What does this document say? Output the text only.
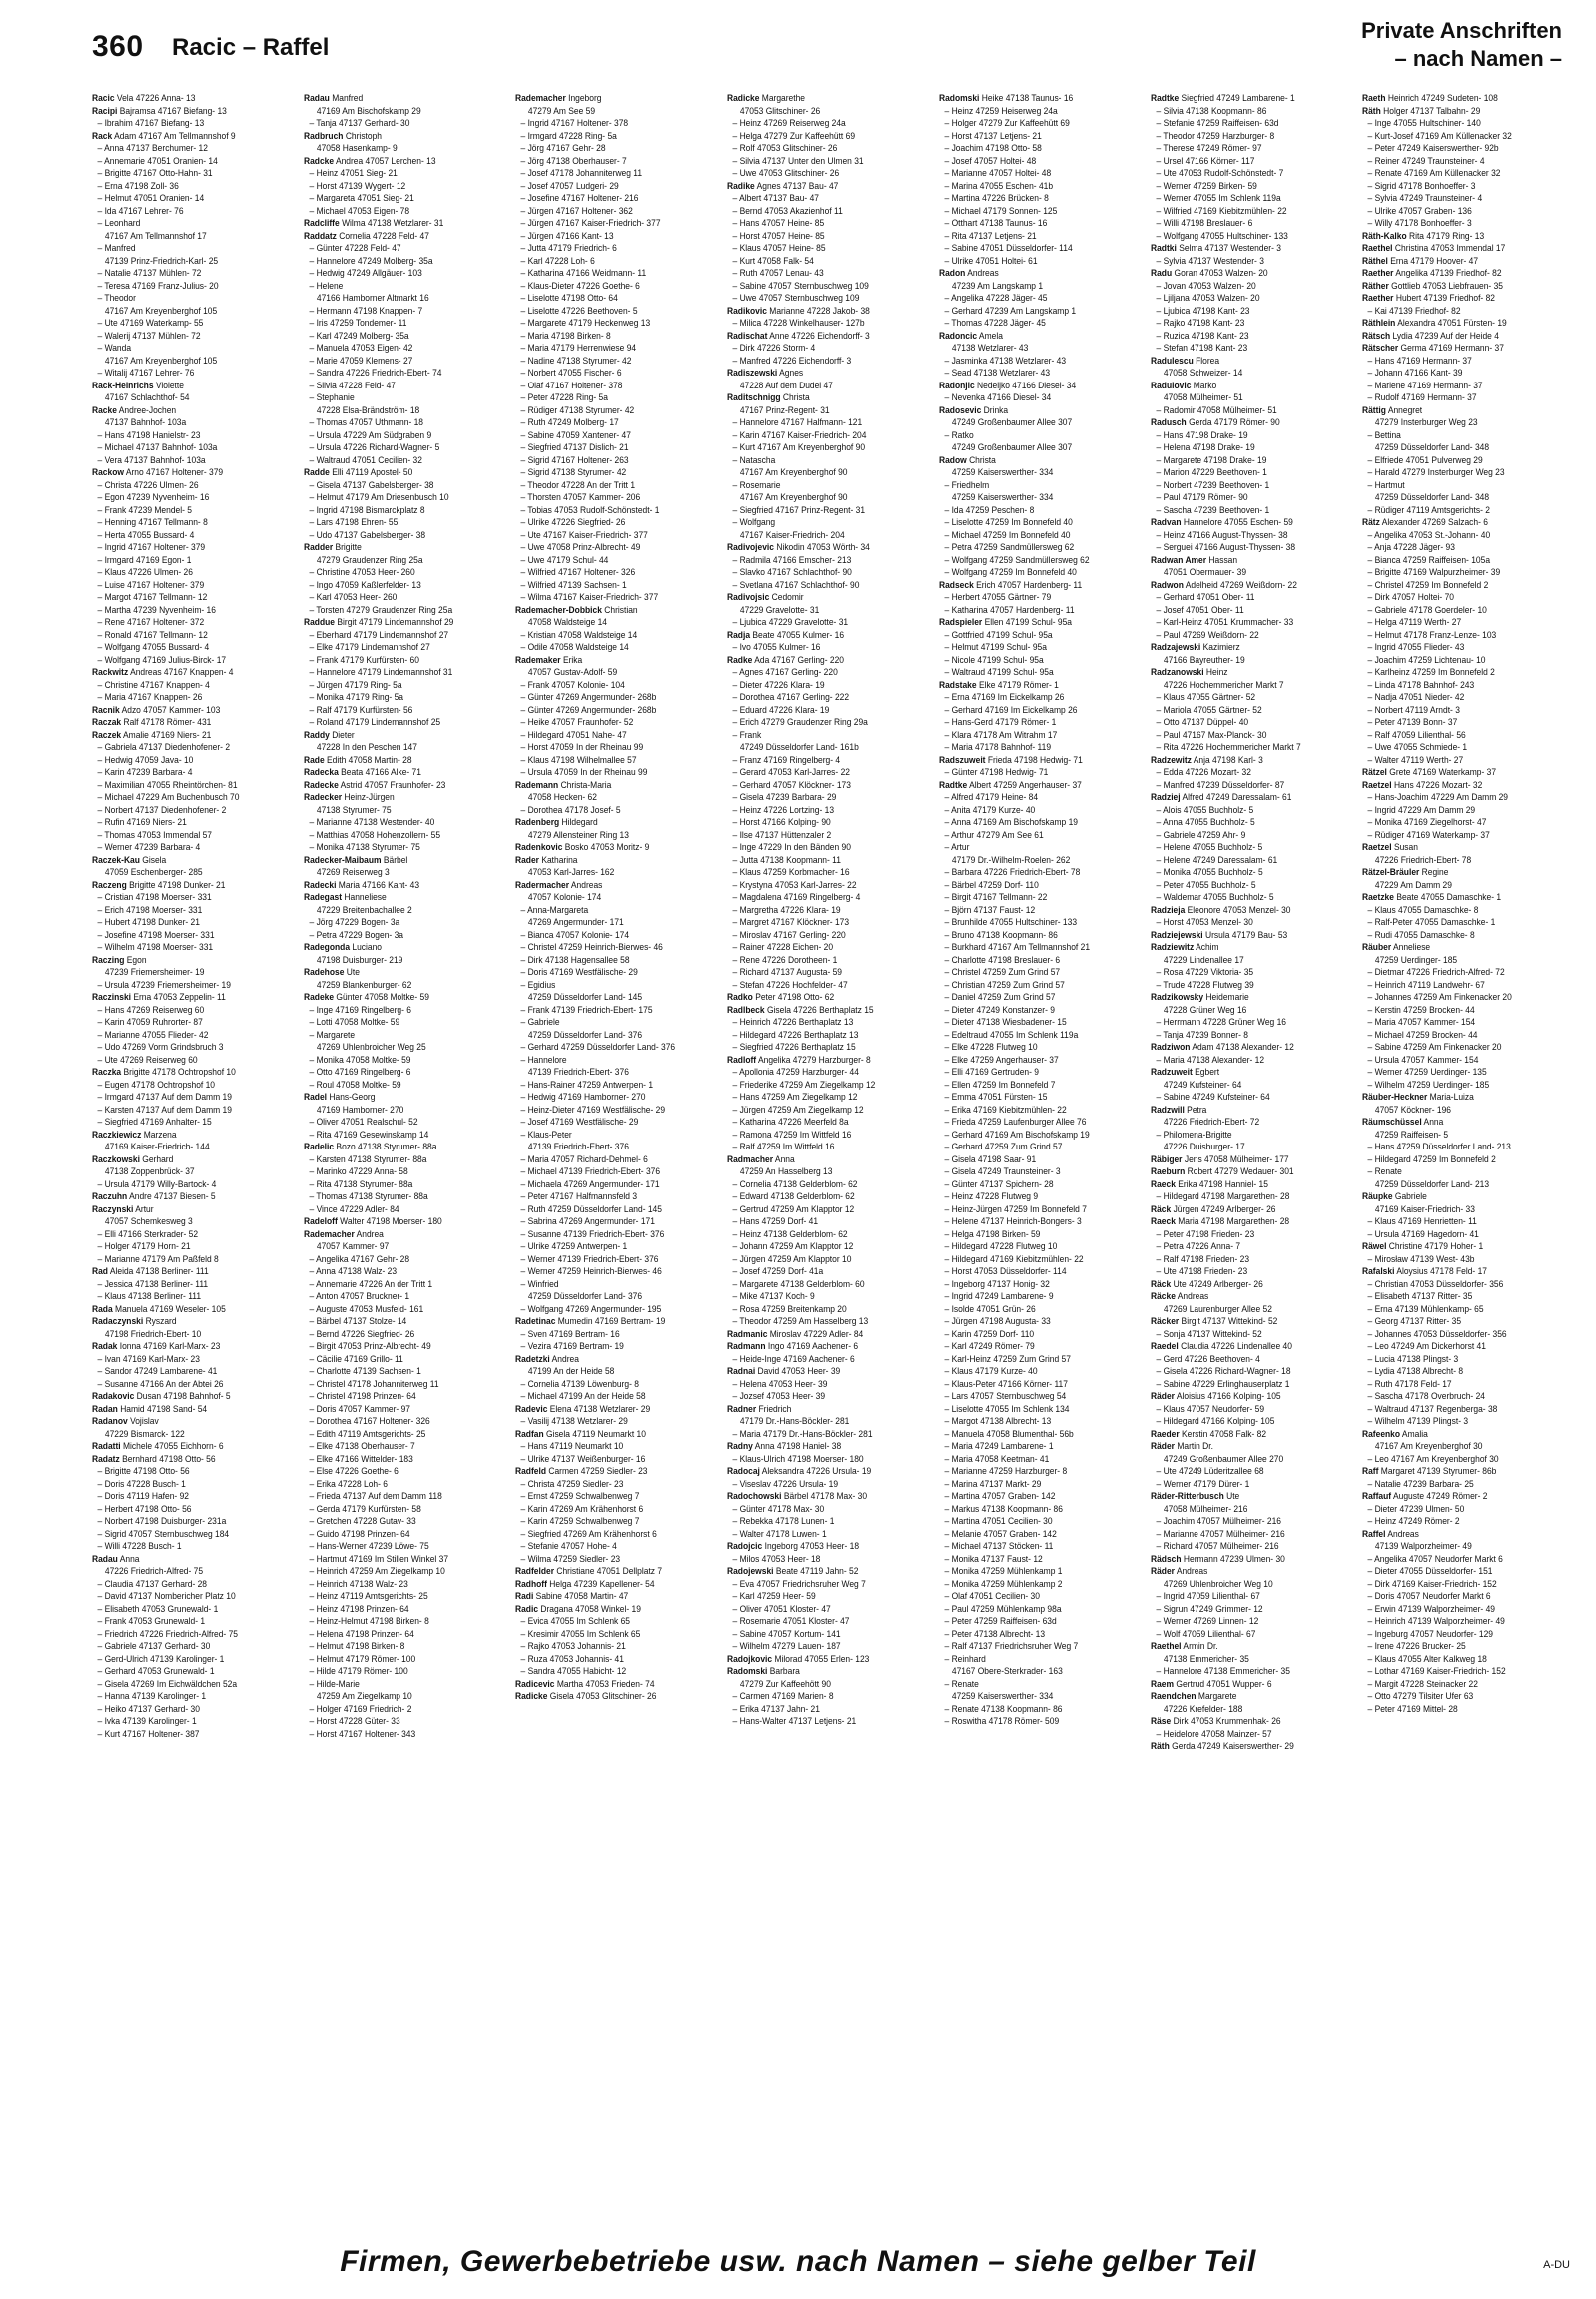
360 Racic – Raffel
Private Anschriften
– nach Namen –
Racic Vela 47226 Anna- 13
Racipi Bajramsa 47167 Biefang- 13
– Ibrahim 47167 Biefang- 13
Rack Adam 47167 Am Tellmannshof 9
– Anna 47137 Berchumer- 12
– Annemarie 47051 Oranien- 14
– Brigitte 47167 Otto-Hahn- 31
– Erna 47198 Zoll- 36
– Helmut 47051 Oranien- 14
– Ida 47167 Lehrer- 76
– Leonhard
47167 Am Tellmannshof 17
– Manfred
47139 Prinz-Friedrich-Karl- 25
– Natalie 47137 Mühlen- 72
– Teresa 47169 Franz-Julius- 20
– Theodor
47167 Am Kreyenberghof 105
– Ute 47169 Waterkamp- 55
– Walerij 47137 Mühlen- 72
– Wanda
47167 Am Kreyenberghof 105
– Witalij 47167 Lehrer- 76
Rack-Heinrichs Violette
47167 Schlachthof- 54
Racke Andree-Jochen
47137 Bahnhof- 103a
– Hans 47198 Hanielstr- 23
– Michael 47137 Bahnhof- 103a
– Vera 47137 Bahnhof- 103a
Rackow Arno 47167 Holtener- 379
– Christa 47226 Ulmen- 26
– Egon 47239 Nyvenheim- 16
– Frank 47239 Mendel- 5
– Henning 47167 Tellmann- 8
– Herta 47055 Bussard- 4
– Ingrid 47167 Holtener- 379
– Irmgard 47169 Egon- 1
– Klaus 47226 Ulmen- 26
– Luise 47167 Holtener- 379
– Margot 47167 Tellmann- 12
– Martha 47239 Nyvenheim- 16
– Rene 47167 Holtener- 372
– Ronald 47167 Tellmann- 12
– Wolfgang 47055 Bussard- 4
– Wolfgang 47169 Julius-Birck- 17
Rackwitz Andreas 47167 Knappen- 4
– Christine 47167 Knappen- 4
– Maria 47167 Knappen- 26
Racnik Adzo 47057 Kammer- 103
Raczak Ralf 47178 Römer- 431
Raczek Amalie 47169 Niers- 21
– Gabriela 47137 Diedenhofener- 2
– Hedwig 47059 Java- 10
– Karin 47239 Barbara- 4
– Maximilian 47055 Rheintörchen- 81
– Michael 47229 Am Buchenbusch 70
– Norbert 47137 Diedenhofener- 2
– Rufin 47169 Niers- 21
– Thomas 47053 Immendal 57
– Werner 47239 Barbara- 4
Raczek-Kau Gisela
47059 Eschenberger- 285
Raczeng Brigitte 47198 Dunker- 21
– Cristian 47198 Moerser- 331
– Erich 47198 Moerser- 331
– Hubert 47198 Dunker- 21
– Josefine 47198 Moerser- 331
– Wilhelm 47198 Moerser- 331
Raczing Egon
47239 Friemersheimer- 19
– Ursula 47239 Friemersheimer- 19
Raczinski Erna 47053 Zeppelin- 11
– Hans 47269 Reiserweg 60
– Karin 47059 Ruhrorter- 87
– Marianne 47055 Flieder- 42
– Udo 47269 Vorm Grindsbruch 3
– Ute 47269 Reiserweg 60
Raczka Brigitte 47178 Ochtropshof 10
– Eugen 47178 Ochtropshof 10
– Irmgard 47137 Auf dem Damm 19
– Karsten 47137 Auf dem Damm 19
– Siegfried 47169 Anhalter- 15
Raczkiewicz Marzena
47169 Kaiser-Friedrich- 144
Raczkowski Gerhard
47138 Zoppenbrück- 37
– Ursula 47179 Willy-Bartock- 4
Raczuhn Andre 47137 Biesen- 5
Raczynski Artur
47057 Schemkesweg 3
– Elli 47166 Sterkrader- 52
– Holger 47179 Horn- 21
– Marianne 47179 Am Paßfeld 8
Rad Aleida 47138 Berliner- 111
– Jessica 47138 Berliner- 111
– Klaus 47138 Berliner- 111
Rada Manuela 47169 Weseler- 105
Radaczynski Ryszard
47198 Friedrich-Ebert- 10
Radak Ionna 47169 Karl-Marx- 23
– Ivan 47169 Karl-Marx- 23
– Sandor 47249 Lambarene- 41
– Susanne 47166 An der Abtei 26
Radakovic Dusan 47198 Bahnhof- 5
Radan Hamid 47198 Sand- 54
Radanov Vojislav
47229 Bismarck- 122
Radatti Michele 47055 Eichhorn- 6
Radatz Bernhard 47198 Otto- 56
– Brigitte 47198 Otto- 56
– Doris 47228 Busch- 1
– Doris 47119 Hafen- 92
– Herbert 47198 Otto- 56
– Norbert 47198 Duisburger- 231a
– Sigrid 47057 Sternbuschweg 184
– Willi 47228 Busch- 1
Radau Anna
47226 Friedrich-Alfred- 75
– Claudia 47137 Gerhard- 28
– David 47137 Nombericher Platz 10
– Elisabeth 47053 Grunewald- 1
– Frank 47053 Grunewald- 1
– Friedrich 47226 Friedrich-Alfred- 75
– Gabriele 47137 Gerhard- 30
– Gerd-Ulrich 47139 Karolinger- 1
– Gerhard 47053 Grunewald- 1
– Gisela 47269 Im Eichwäldchen 52a
– Hanna 47139 Karolinger- 1
– Heiko 47137 Gerhard- 30
– Ivka 47139 Karolinger- 1
– Kurt 47167 Holtener- 387
Radau Manfred
47169 Am Bischofskamp 29
– Tanja 47137 Gerhard- 30
Radbruch Christoph
47058 Hasenkamp- 9
Radcke Andrea 47057 Lerchen- 13
– Heinz 47051 Sieg- 21
– Horst 47139 Wygert- 12
– Margareta 47051 Sieg- 21
– Michael 47053 Eigen- 78
Radcliffe Wilma 47138 Wetzlarer- 31
Raddatz Cornelia 47228 Feld- 47
– Günter 47228 Feld- 47
– Hannelore 47249 Molberg- 35a
– Hedwig 47249 Allgäuer- 103
– Helene
47166 Hamborner Altmarkt 16
– Hermann 47198 Knappen- 7
– Iris 47259 Tondemer- 11
– Karl 47249 Molberg- 35a
– Manuela 47053 Eigen- 42
– Marie 47059 Klemens- 27
– Sandra 47226 Friedrich-Ebert- 74
– Silvia 47228 Feld- 47
– Stephanie
47228 Elsa-Brändström- 18
– Thomas 47057 Uthmann- 18
– Ursula 47229 Am Südgraben 9
– Ursula 47226 Richard-Wagner- 5
– Waltraud 47051 Cecilien- 32
Radde Elli 47119 Apostel- 50
– Gisela 47137 Gabelsberger- 38
– Helmut 47179 Am Driesenbusch 10
– Ingrid 47198 Bismarckplatz 8
– Lars 47198 Ehren- 55
– Udo 47137 Gabelsberger- 38
Radder Brigitte
47279 Graudenzer Ring 25a
– Christine 47053 Heer- 260
– Ingo 47059 Kaßlerfelder- 13
– Karl 47053 Heer- 260
– Torsten 47279 Graudenzer Ring 25a
Raddue Birgit 47179 Lindemannshof 29
– Eberhard 47179 Lindemannshof 27
– Elke 47179 Lindemannshof 27
– Frank 47179 Kurfürsten- 60
– Hannelore 47179 Lindemannshof 31
– Jürgen 47179 Ring- 5a
– Monika 47179 Ring- 5a
– Ralf 47179 Kurfürsten- 56
– Roland 47179 Lindemannshof 25
Raddy Dieter
47228 In den Peschen 147
Rade Edith 47058 Martin- 28
Radecka Beata 47166 Alke- 71
Radecke Astrid 47057 Fraunhofer- 23
Radecker Heinz-Jürgen
47138 Styrumer- 75
– Marianne 47138 Westender- 40
– Matthias 47058 Hohenzollern- 55
– Monika 47138 Styrumer- 75
Radecker-Maibaum Bärbel
47269 Reiserweg 3
Radecki Maria 47166 Kant- 43
Radegast Hanneliese
47229 Breitenbachallee 2
– Jörg 47229 Bogen- 3a
– Petra 47229 Bogen- 3a
Radegonda Luciano
47198 Duisburger- 219
Radehose Ute
47259 Blankenburger- 62
Radeke Günter 47058 Moltke- 59
– Inge 47169 Ringelberg- 6
– Lotti 47058 Moltke- 59
– Margarete
47269 Uhlenbroicher Weg 25
– Monika 47058 Moltke- 59
– Otto 47169 Ringelberg- 6
– Roul 47058 Moltke- 59
Radel Hans-Georg
47169 Hamborner- 270
– Oliver 47051 Realschul- 52
– Rita 47169 Gesewinskamp 14
Radelic Bozo 47138 Styrumer- 88a
– Karsten 47138 Styrumer- 88a
– Marinko 47229 Anna- 58
– Rita 47138 Styrumer- 88a
– Thomas 47138 Styrumer- 88a
– Vince 47229 Adler- 84
Radeloff Walter 47198 Moerser- 180
Rademacher Andrea
47057 Kammer- 97
– Angelika 47167 Gehr- 28
– Anna 47138 Walz- 23
– Annemarie 47226 An der Tritt 1
– Anton 47057 Bruckner- 1
– Auguste 47053 Musfeld- 161
– Bärbel 47137 Stolze- 14
– Bernd 47226 Siegfried- 26
– Birgit 47053 Prinz-Albrecht- 49
– Cäcilie 47169 Grillo- 11
– Charlotte 47139 Sachsen- 1
– Christel 47178 Johanniterweg 11
– Christel 47198 Prinzen- 64
– Doris 47057 Kammer- 97
– Dorothea 47167 Holtener- 326
– Edith 47119 Amtsgerichts- 25
– Elke 47138 Oberhauser- 7
– Elke 47166 Wittelder- 183
– Else 47226 Goethe- 6
– Erika 47228 Loh- 6
– Frieda 47137 Auf dem Damm 118
– Gerda 47179 Kurfürsten- 58
– Gretchen 47228 Gutav- 33
– Guido 47198 Prinzen- 64
– Hans-Werner 47239 Löwe- 75
– Hartmut 47169 Im Stillen Winkel 37
– Heinrich 47259 Am Ziegelkamp 10
– Heinrich 47138 Walz- 23
– Heinz 47119 Amtsgerichts- 25
– Heinz 47198 Prinzen- 64
– Heinz-Helmut 47198 Birken- 8
– Helena 47198 Prinzen- 64
– Helmut 47198 Birken- 8
– Helmut 47179 Römer- 100
– Hilde 47179 Römer- 100
– Hilde-Marie
47259 Am Ziegelkamp 10
– Holger 47169 Friedrich- 2
– Horst 47228 Güter- 33
– Horst 47167 Holtener- 343
Rademacher Ingeborg
47279 Am See 59
– Ingrid 47167 Holtener- 378
– Irmgard 47228 Ring- 5a
– Jörg 47167 Gehr- 28
– Jörg 47138 Oberhauser- 7
– Josef 47178 Johanniterweg 11
– Josef 47057 Ludgeri- 29
– Josefine 47167 Holtener- 216
– Jürgen 47167 Holtener- 362
– Jürgen 47167 Kaiser-Friedrich- 377
– Jürgen 47166 Kant- 13
– Jutta 47179 Friedrich- 6
– Karl 47228 Loh- 6
– Katharina 47166 Weidmann- 11
– Klaus-Dieter 47226 Goethe- 6
– Liselotte 47198 Otto- 64
– Liselotte 47226 Beethoven- 5
– Margarete 47179 Heckenweg 13
– Maria 47198 Birken- 8
– Maria 47179 Herrenwiese 94
– Nadine 47138 Styrumer- 42
– Norbert 47055 Fischer- 6
– Olaf 47167 Holtener- 378
– Peter 47228 Ring- 5a
– Rüdiger 47138 Styrumer- 42
– Ruth 47249 Molberg- 17
– Sabine 47059 Xantener- 47
– Siegfried 47137 Dislich- 21
– Sigrid 47167 Holtener- 263
– Sigrid 47138 Styrumer- 42
– Theodor 47228 An der Tritt 1
– Thorsten 47057 Kammer- 206
– Tobias 47053 Rudolf-Schönstedt- 1
– Ulrike 47226 Siegfried- 26
– Ute 47167 Kaiser-Friedrich- 377
– Uwe 47058 Prinz-Albrecht- 49
– Uwe 47179 Schul- 44
– Wilfried 47167 Holtener- 326
– Wilfried 47139 Sachsen- 1
– Wilma 47167 Kaiser-Friedrich- 377
Rademacher-Dobbick Christian
47058 Waldsteige 14
– Kristian 47058 Waldsteige 14
– Odile 47058 Waldsteige 14
Rademaker Erika
47057 Gustav-Adolf- 59
– Frank 47057 Kolonie- 104
– Günter 47269 Angermunder- 268b
– Günter 47269 Angermunder- 268b
– Heike 47057 Fraunhofer- 52
– Hildegard 47051 Nahe- 47
– Horst 47059 In der Rheinau 99
– Klaus 47198 Wilhelmallee 57
– Ursula 47059 In der Rheinau 99
Rademann Christa-Maria
47058 Hecken- 62
– Dorothea 47178 Josef- 5
Radenberg Hildegard
47279 Allensteiner Ring 13
Radenkovic Bosko 47053 Moritz- 9
Rader Katharina
47053 Karl-Jarres- 162
Radermacher Andreas
47057 Kolonie- 174
– Anna-Margareta
47269 Angermunder- 171
– Bianca 47057 Kolonie- 174
– Christel 47259 Heinrich-Bierwes- 46
– Dirk 47138 Hagensallee 58
– Doris 47169 Westfälische- 29
– Egidius
47259 Düsseldorfer Land- 145
– Frank 47139 Friedrich-Ebert- 175
– Gabriele
47259 Düsseldorfer Land- 376
– Gerhard 47259 Düsseldorfer Land- 376
– Hannelore
47139 Friedrich-Ebert- 376
– Hans-Rainer 47259 Antwerpen- 1
– Hedwig 47169 Hamborner- 270
– Heinz-Dieter 47169 Westfälische- 29
– Josef 47169 Westfälische- 29
– Klaus-Peter
47139 Friedrich-Ebert- 376
– Maria 47057 Richard-Dehmel- 6
– Michael 47139 Friedrich-Ebert- 376
– Michaela 47269 Angermunder- 171
– Peter 47167 Halfmannsfeld 3
– Ruth 47259 Düsseldorfer Land- 145
– Sabrina 47269 Angermunder- 171
– Susanne 47139 Friedrich-Ebert- 376
– Ulrike 47259 Antwerpen- 1
– Werner 47139 Friedrich-Ebert- 376
– Werner 47259 Heinrich-Bierwes- 46
– Winfried
47259 Düsseldorfer Land- 376
– Wolfgang 47269 Angermunder- 195
Radetinac Mumedin 47169 Bertram- 19
– Sven 47169 Bertram- 16
– Vezira 47169 Bertram- 19
Radetzki Andrea
47199 An der Heide 58
– Cornelia 47139 Löwenburg- 8
– Michael 47199 An der Heide 58
Radevic Elena 47138 Wetzlarer- 29
– Vasilij 47138 Wetzlarer- 29
Radfan Gisela 47119 Neumarkt 10
– Hans 47119 Neumarkt 10
– Ulrike 47137 Weißenburger- 16
Radfeld Carmen 47259 Siedler- 23
– Christa 47259 Siedler- 23
– Ernst 47259 Schwalbenweg 7
– Karin 47269 Am Krähenhorst 6
– Karin 47259 Schwalbenweg 7
– Siegfried 47269 Am Krähenhorst 6
– Stefanie 47057 Hohe- 4
– Wilma 47259 Siedler- 23
Radfelder Christiane 47051 Dellplatz 7
Radhoff Helga 47239 Kapellener- 54
Radi Sabine 47058 Martin- 47
Radic Dragana 47058 Winkel- 19
– Evica 47055 Im Schlenk 65
– Kresimir 47055 Im Schlenk 65
– Rajko 47053 Johannis- 21
– Ruza 47053 Johannis- 41
– Sandra 47055 Habicht- 12
Radicevic Martha 47053 Frieden- 74
Radicke Gisela 47053 Glitschiner- 26
Radicke Margarethe
47053 Glitschiner- 26
– Heinz 47269 Reiserweg 24a
– Helga 47279 Zur Kaffeehütt 69
– Rolf 47053 Glitschiner- 26
– Silvia 47137 Unter den Ulmen 31
– Uwe 47053 Glitschiner- 26
Radike Agnes 47137 Bau- 47
– Albert 47137 Bau- 47
– Bernd 47053 Akazienhof 11
– Hans 47057 Heine- 85
– Horst 47057 Heine- 85
– Klaus 47057 Heine- 85
– Kurt 47058 Falk- 54
– Ruth 47057 Lenau- 43
– Sabine 47057 Sternbuschweg 109
– Uwe 47057 Sternbuschweg 109
Radikovic Marianne 47228 Jakob- 38
– Milica 47228 Winkelhauser- 127b
Radischat Anne 47226 Eichendorff- 3
– Dirk 47226 Storm- 4
– Manfred 47226 Eichendorff- 3
Radiszewski Agnes
47228 Auf dem Dudel 47
Raditschnigg Christa
47167 Prinz-Regent- 31
– Hannelore 47167 Halfmann- 121
– Karin 47167 Kaiser-Friedrich- 204
– Kurt 47167 Am Kreyenberghof 90
– Natascha
47167 Am Kreyenberghof 90
– Rosemarie
47167 Am Kreyenberghof 90
– Siegfried 47167 Prinz-Regent- 31
– Wolfgang
47167 Kaiser-Friedrich- 204
Radivojevic Nikodin 47053 Wörth- 34
– Radmila 47166 Emscher- 213
– Slavko 47167 Schlachthof- 90
– Svetlana 47167 Schlachthof- 90
Radivojsic Cedomir
47229 Gravelotte- 31
– Ljubica 47229 Gravelotte- 31
Radja Beate 47055 Kulmer- 16
– Ivo 47055 Kulmer- 16
Radke Ada 47167 Gerling- 220
– Agnes 47167 Gerling- 220
– Dieter 47226 Klara- 19
– Dorothea 47167 Gerling- 222
– Eduard 47226 Klara- 19
– Erich 47279 Graudenzer Ring 29a
– Frank
47249 Düsseldorfer Land- 161b
– Franz 47169 Ringelberg- 4
– Gerard 47053 Karl-Jarres- 22
– Gerhard 47057 Klöckner- 173
– Gisela 47239 Barbara- 29
– Heinz 47226 Lortzing- 13
– Horst 47166 Kolping- 90
– Ilse 47137 Hüttenzaler 2
– Inge 47229 In den Bänden 90
– Jutta 47138 Koopmann- 11
– Klaus 47259 Korbmacher- 16
– Krystyna 47053 Karl-Jarres- 22
– Magdalena 47169 Ringelberg- 4
– Margretha 47226 Klara- 19
– Margret 47167 Klöckner- 173
– Miroslav 47167 Gerling- 220
– Rainer 47228 Eichen- 20
– Rene 47226 Dorotheen- 1
– Richard 47137 Augusta- 59
– Stefan 47226 Hochfelder- 47
Radko Peter 47198 Otto- 62
Radlbeck Gisela 47226 Berthaplatz 15
– Heinrich 47226 Berthaplatz 13
– Hildegard 47226 Berthaplatz 13
– Siegfried 47226 Berthaplatz 15
Radloff Angelika 47279 Harzburger- 8
– Apollonia 47259 Harzburger- 44
– Friederike 47259 Am Ziegelkamp 12
– Hans 47259 Am Ziegelkamp 12
– Jürgen 47259 Am Ziegelkamp 12
– Katharina 47226 Meerfeld 8a
– Ramona 47259 Im Wittfeld 16
– Ralf 47259 Im Wittfeld 16
Radmacher Anna
47259 An Hasselberg 13
– Cornelia 47138 Gelderblom- 62
– Edward 47138 Gelderblom- 62
– Gertrud 47259 Am Klapptor 12
– Hans 47259 Dorf- 41
– Heinz 47138 Gelderblom- 62
– Johann 47259 Am Klapptor 12
– Jürgen 47259 Am Klapptor 10
– Josef 47259 Dorf- 41a
– Margarete 47138 Gelderblom- 60
– Mike 47137 Koch- 9
– Rosa 47259 Breitenkamp 20
– Theodor 47259 Am Hasselberg 13
Radmanic Miroslav 47229 Adler- 84
Radmann Ingo 47169 Aachener- 6
– Heide-Inge 47169 Aachener- 6
Radnai David 47053 Heer- 39
– Helena 47053 Heer- 39
– Jozsef 47053 Heer- 39
Radner Friedrich
47179 Dr.-Hans-Böckler- 281
– Maria 47179 Dr.-Hans-Böckler- 281
Radny Anna 47198 Haniel- 38
– Klaus-Ulrich 47198 Moerser- 180
Radocaj Aleksandra 47226 Ursula- 19
– Viseslav 47226 Ursula- 19
Radochowski Bärbel 47178 Max- 30
– Günter 47178 Max- 30
– Rebekka 47178 Lunen- 1
– Walter 47178 Luwen- 1
Radojcic Ingeborg 47053 Heer- 18
– Milos 47053 Heer- 18
Radojewski Beate 47119 Jahn- 52
– Eva 47057 Friedrichsruher Weg 7
– Karl 47259 Heer- 59
– Oliver 47051 Kloster- 47
– Rosemarie 47051 Kloster- 47
– Sabine 47057 Kortum- 141
– Wilhelm 47279 Lauen- 187
Radojkovic Milorad 47055 Erlen- 123
Radomski Barbara
47279 Zur Kaffeehött 90
– Carmen 47169 Marien- 8
– Erika 47137 Jahn- 21
– Hans-Walter 47137 Letjens- 21
Radomski Heike 47138 Taunus- 16
– Heinz 47259 Heiserweg 24a
– Holger 47279 Zur Kaffeehütt 69
– Horst 47137 Letjens- 21
– Joachim 47198 Otto- 58
– Josef 47057 Holtei- 48
– Marianne 47057 Holtei- 48
– Marina 47055 Eschen- 41b
– Martina 47226 Brücken- 8
– Michael 47179 Sonnen- 125
– Otthart 47138 Taunus- 16
– Rita 47137 Letjens- 21
– Sabine 47051 Düsseldorfer- 114
– Ulrike 47051 Holtei- 61
Radon Andreas
47239 Am Langskamp 1
– Angelika 47228 Jäger- 45
– Gerhard 47239 Am Langskamp 1
– Thomas 47228 Jäger- 45
Radoncic Amela
47138 Wetzlarer- 43
– Jasminka 47138 Wetzlarer- 43
– Sead 47138 Wetzlarer- 43
Radonjic Nedeljko 47166 Diesel- 34
– Nevenka 47166 Diesel- 34
Radosevic Drinka
47249 Großenbaumer Allee 307
– Ratko
47249 Großenbaumer Allee 307
Radow Christa
47259 Kaiserswerther- 334
– Friedhelm
47259 Kaiserswerther- 334
– Ida 47259 Peschen- 8
– Liselotte 47259 Im Bonnefeld 40
– Michael 47259 Im Bonnefeld 40
– Petra 47259 Sandmüllersweg 62
– Wolfgang 47259 Sandmüllersweg 62
– Wolfgang 47259 Im Bonnefeld 40
Radseck Erich 47057 Hardenberg- 11
– Herbert 47055 Gärtner- 79
– Katharina 47057 Hardenberg- 11
Radspieler Ellen 47199 Schul- 95a
– Gottfried 47199 Schul- 95a
– Helmut 47199 Schul- 95a
– Nicole 47199 Schul- 95a
– Waltraud 47199 Schul- 95a
Radstake Elke 47179 Römer- 1
– Erna 47169 Im Eickelkamp 26
– Gerhard 47169 Im Eickelkamp 26
– Hans-Gerd 47179 Römer- 1
– Klara 47178 Am Witrahm 17
– Maria 47178 Bahnhof- 119
Radszuweit Frieda 47198 Hedwig- 71
– Günter 47198 Hedwig- 71
Radtke Albert 47259 Angerhauser- 37
– Alfred 47179 Heine- 84
– Anita 47179 Kurze- 40
– Anna 47169 Am Bischofskamp 19
– Arthur 47279 Am See 61
– Artur
47179 Dr.-Wilhelm-Roelen- 262
– Barbara 47226 Friedrich-Ebert- 78
– Bärbel 47259 Dorf- 110
– Birgit 47167 Tellmann- 22
– Björn 47137 Faust- 12
– Brunhilde 47055 Hultschiner- 133
– Bruno 47138 Koopmann- 86
– Burkhard 47167 Am Tellmannshof 21
– Charlotte 47198 Breslauer- 6
– Christel 47259 Zum Grind 57
– Christian 47259 Zum Grind 57
– Daniel 47259 Zum Grind 57
– Dieter 47249 Konstanzer- 9
– Dieter 47138 Wiesbadener- 15
– Edeltraud 47055 Im Schlenk 119a
– Elke 47228 Flutweg 10
– Elke 47259 Angerhauser- 37
– Elli 47169 Gertruden- 9
– Ellen 47259 Im Bonnefeld 7
– Emma 47051 Fürsten- 15
– Erika 47169 Kiebitzmühlen- 22
– Frieda 47259 Laufenburger Allee 76
– Gerhard 47169 Am Bischofskamp 19
– Gerhard 47259 Zum Grind 57
– Gisela 47198 Saar- 91
– Gisela 47249 Traunsteiner- 3
– Günter 47137 Spichern- 28
– Heinz 47228 Flutweg 9
– Heinz-Jürgen 47259 Im Bonnefeld 7
– Helene 47137 Heinrich-Bongers- 3
– Helga 47198 Birken- 59
– Hildegard 47228 Flutweg 10
– Hildegard 47169 Kiebitzmühlen- 22
– Horst 47053 Düsseldorfer- 114
– Ingeborg 47137 Honig- 32
– Ingrid 47249 Lambarene- 9
– Isolde 47051 Grün- 26
– Jürgen 47198 Augusta- 33
– Karin 47259 Dorf- 110
– Karl 47249 Römer- 79
– Karl-Heinz 47259 Zum Grind 57
– Klaus 47179 Kurze- 40
– Klaus-Peter 47166 Körner- 117
– Lars 47057 Sternbuschweg 54
– Liselotte 47055 Im Schlenk 134
– Margot 47138 Albrecht- 13
– Manuela 47058 Blumenthal- 56b
– Maria 47249 Lambarene- 1
– Maria 47058 Keetman- 41
– Marianne 47259 Harzburger- 8
– Marina 47137 Markt- 29
– Martina 47057 Graben- 142
– Markus 47138 Koopmann- 86
– Martina 47051 Cecilien- 30
– Melanie 47057 Graben- 142
– Michael 47137 Stöcken- 11
– Monika 47137 Faust- 12
– Monika 47259 Mühlenkamp 1
– Monika 47259 Mühlenkamp 2
– Olaf 47051 Cecilien- 30
– Paul 47259 Mühlenkamp 98a
– Peter 47259 Raiffeisen- 63d
– Peter 47138 Albrecht- 13
– Ralf 47137 Friedrichsruher Weg 7
– Reinhard
47167 Obere-Sterkrader- 163
– Renate
47259 Kaiserswerther- 334
– Renate 47138 Koopmann- 86
– Roswitha 47178 Römer- 509
Radtke Siegfried 47249 Lambarene- 1
– Silvia 47138 Koopmann- 86
– Stefanie 47259 Raiffeisen- 63d
– Theodor 47259 Harzburger- 8
– Therese 47249 Römer- 97
– Ursel 47166 Körner- 117
– Ute 47053 Rudolf-Schönstedt- 7
– Werner 47259 Birken- 59
– Werner 47055 Im Schlenk 119a
– Wilfried 47169 Kiebitzmühlen- 22
– Willi 47198 Breslauer- 6
– Wolfgang 47055 Hultschiner- 133
Radtki Selma 47137 Westender- 3
– Sylvia 47137 Westender- 3
Radu Goran 47053 Walzen- 20
– Jovan 47053 Walzen- 20
– Ljiljana 47053 Walzen- 20
– Ljubica 47198 Kant- 23
– Rajko 47198 Kant- 23
– Ruzica 47198 Kant- 23
– Stefan 47198 Kant- 23
Radulescu Florea
47058 Schweizer- 14
Radulovic Marko
47058 Mülheimer- 51
– Radomir 47058 Mülheimer- 51
Radusch Gerda 47179 Römer- 90
– Hans 47198 Drake- 19
– Helena 47198 Drake- 19
– Margarete 47198 Drake- 19
– Marion 47229 Beethoven- 1
– Norbert 47239 Beethoven- 1
– Paul 47179 Römer- 90
– Sascha 47239 Beethoven- 1
Radvan Hannelore 47055 Eschen- 59
– Heinz 47166 August-Thyssen- 38
– Serguei 47166 August-Thyssen- 38
Radwan Amer Hassan
47051 Obermauer- 39
Radwon Adelheid 47269 Weißdorn- 22
– Gerhard 47051 Ober- 11
– Josef 47051 Ober- 11
– Karl-Heinz 47051 Krummacher- 33
– Paul 47269 Weißdorn- 22
Radzajewski Kazimierz
47166 Bayreuther- 19
Radzanowski Heinz
47226 Hochemmericher Markt 7
– Klaus 47055 Gärtner- 52
– Mariola 47055 Gärtner- 52
– Otto 47137 Düppel- 40
– Paul 47167 Max-Planck- 30
– Rita 47226 Hochemmericher Markt 7
Radzewitz Anja 47198 Karl- 3
– Edda 47226 Mozart- 32
– Manfred 47239 Düsseldorfer- 87
Radziej Alfred 47249 Daressalam- 61
– Alois 47055 Buchholz- 5
– Anna 47055 Buchholz- 5
– Gabriele 47259 Ahr- 9
– Helene 47055 Buchholz- 5
– Helene 47249 Daressalam- 61
– Monika 47055 Buchholz- 5
– Peter 47055 Buchholz- 5
– Waldemar 47055 Buchholz- 5
Radzieja Eleonore 47053 Menzel- 30
– Horst 47053 Menzel- 30
Radziejewski Ursula 47179 Bau- 53
Radziewitz Achim
47229 Lindenallee 17
– Rosa 47229 Viktoria- 35
– Trude 47228 Flutweg 39
Radzikowsky Heidemarie
47228 Grüner Weg 16
– Herrmann 47228 Grüner Weg 16
– Tanja 47239 Bonner- 8
Radziwon Adam 47138 Alexander- 12
– Maria 47138 Alexander- 12
Radzuweit Egbert
47249 Kufsteiner- 64
– Sabine 47249 Kufsteiner- 64
Radzwill Petra
47226 Friedrich-Ebert- 72
– Philomena-Brigitte
47226 Duisburger- 17
Räbiger Jens 47058 Mülheimer- 177
Raeburn Robert 47279 Wedauer- 301
Raeck Erika 47198 Hanniel- 15
– Hildegard 47198 Margarethen- 28
Räck Jürgen 47249 Arlberger- 26
Raeck Maria 47198 Margarethen- 28
– Peter 47198 Frieden- 23
– Petra 47226 Anna- 7
– Ralf 47198 Frieden- 23
– Ute 47198 Frieden- 23
Räck Ute 47249 Arlberger- 26
Räcke Andreas
47269 Laurenburger Allee 52
Räcker Birgit 47137 Wittekind- 52
– Sonja 47137 Wittekind- 52
Raedel Claudia 47226 Lindenallee 40
– Gerd 47226 Beethoven- 4
– Gisela 47226 Richard-Wagner- 18
– Sabine 47229 Erlinghauserplatz 1
Räder Aloisius 47166 Kolping- 105
– Klaus 47057 Neudorfer- 59
– Hildegard 47166 Kolping- 105
Raeder Kerstin 47058 Falk- 82
Räder Martin Dr.
47249 Großenbaumer Allee 270
– Ute 47249 Lüderitzallee 68
– Werner 47179 Dürer- 1
Räder-Ritterbusch Ute
47058 Mülheimer- 216
– Joachim 47057 Mülheimer- 216
– Marianne 47057 Mülheimer- 216
– Richard 47057 Mülheimer- 216
Rädsch Hermann 47239 Ulmen- 30
Räder Andreas
47269 Uhlenbroicher Weg 10
– Ingrid 47059 Lilienthal- 67
– Sigrun 47249 Grimmer- 12
– Werner 47269 Linnen- 12
– Wolf 47059 Lilienthal- 67
Raethel Armin Dr.
47138 Emmericher- 35
– Hannelore 47138 Emmericher- 35
Raem Gertrud 47051 Wupper- 6
Raendchen Margarete
47226 Krefelder- 188
Räse Dirk 47053 Krummenhak- 26
– Heidelore 47058 Mainzer- 57
Räth Gerda 47249 Kaiserswerther- 29
Raeth Heinrich 47249 Sudeten- 108
Räth Holger 47137 Talbahn- 29
– Inge 47055 Hultschiner- 140
– Kurt-Josef 47169 Am Küllenacker 32
– Peter 47249 Kaiserswerther- 92b
– Reiner 47249 Traunsteiner- 4
– Renate 47169 Am Küllenacker 32
– Sigrid 47178 Bonhoeffer- 3
– Sylvia 47249 Traunsteiner- 4
– Ulrike 47057 Graben- 136
– Willy 47178 Bonhoeffer- 3
Räth-Kalko Rita 47179 Ring- 13
Raethel Christina 47053 Immendal 17
Räthel Erna 47179 Hoover- 47
Raether Angelika 47139 Friedhof- 82
Räther Gottlieb 47053 Liebfrauen- 35
Raether Hubert 47139 Friedhof- 82
– Kai 47139 Friedhof- 82
Räthlein Alexandra 47051 Fürsten- 19
Rätsch Lydia 47239 Auf der Heide 4
Rätscher Germa 47169 Hermann- 37
– Hans 47169 Hermann- 37
– Johann 47166 Kant- 39
– Marlene 47169 Hermann- 37
– Rudolf 47169 Hermann- 37
Rättig Annegret
47279 Insterburger Weg 23
– Bettina
47259 Düsseldorfer Land- 348
– Elfriede 47051 Pulverweg 29
– Harald 47279 Insterburger Weg 23
– Hartmut
47259 Düsseldorfer Land- 348
– Rüdiger 47119 Amtsgerichts- 2
Rätz Alexander 47269 Salzach- 6
– Angelika 47053 St.-Johann- 40
– Anja 47228 Jäger- 93
– Bianca 47259 Raiffeisen- 105a
– Brigitte 47169 Walpurzheimer- 39
– Christel 47259 Im Bonnefeld 2
– Dirk 47057 Holtei- 70
– Gabriele 47178 Goerdeler- 10
– Helga 47119 Werth- 27
– Helmut 47178 Franz-Lenze- 103
– Ingrid 47055 Flieder- 43
– Joachim 47259 Lichtenau- 10
– Karlheinz 47259 Im Bonnefeld 2
– Linda 47178 Bahnhof- 243
– Nadja 47051 Nieder- 42
– Norbert 47119 Arndt- 3
– Peter 47139 Bonn- 37
– Ralf 47059 Lilienthal- 56
– Uwe 47055 Schmiede- 1
– Walter 47119 Werth- 27
Rätzel Grete 47169 Waterkamp- 37
Raetzel Hans 47226 Mozart- 32
– Hans-Joachim 47229 Am Damm 29
– Ingrid 47229 Am Damm 29
– Monika 47169 Ziegelhorst- 47
– Rüdiger 47169 Waterkamp- 37
Raetzel Susan
47226 Friedrich-Ebert- 78
Rätzel-Bräuler Regine
47229 Am Damm 29
Raetzke Beate 47055 Damaschke- 1
– Klaus 47055 Damaschke- 8
– Ralf-Peter 47055 Damaschke- 1
– Rudi 47055 Damaschke- 8
Räuber Anneliese
47259 Uerdinger- 185
– Dietmar 47226 Friedrich-Alfred- 72
– Heinrich 47119 Landwehr- 67
– Johannes 47259 Am Finkenacker 20
– Kerstin 47259 Brocken- 44
– Maria 47057 Kammer- 154
– Michael 47259 Brocken- 44
– Sabine 47259 Am Finkenacker 20
– Ursula 47057 Kammer- 154
– Werner 47259 Uerdinger- 135
– Wilhelm 47259 Uerdinger- 185
Räuber-Heckner Maria-Luiza
47057 Köckner- 196
Räumschüssel Anna
47259 Raiffeisen- 5
– Hans 47259 Düsseldorfer Land- 213
– Hildegard 47259 Im Bonnefeld 2
– Renate
47259 Düsseldorfer Land- 213
Räupke Gabriele
47169 Kaiser-Friedrich- 33
– Klaus 47169 Henrietten- 11
– Ursula 47169 Hagedorn- 41
Räwel Christine 47179 Hoher- 1
– Mirosław 47139 West- 43b
Rafalski Aloysius 47178 Feld- 17
– Christian 47053 Düsseldorfer- 356
– Elisabeth 47137 Ritter- 35
– Erna 47139 Mühlenkamp- 65
– Georg 47137 Ritter- 35
– Johannes 47053 Düsseldorfer- 356
– Leo 47249 Am Dickerhorst 41
– Lucia 47138 Plingst- 3
– Lydia 47138 Albrecht- 8
– Ruth 47178 Feld- 17
– Sascha 47178 Overbruch- 24
– Waltraud 47137 Regenberga- 38
– Wilhelm 47139 Plingst- 3
Rafeenko Amalia
47167 Am Kreyenberghof 30
– Leo 47167 Am Kreyenberghof 30
Raff Margaret 47139 Styrumer- 86b
– Natalie 47239 Barbara- 25
Raffauf Auguste 47249 Römer- 2
– Dieter 47239 Ulmen- 50
– Heinz 47249 Römer- 2
Raffel Andreas
47139 Walporzheimer- 49
– Angelika 47057 Neudorfer Markt 6
– Dieter 47055 Düsseldorfer- 151
– Dirk 47169 Kaiser-Friedrich- 152
– Doris 47057 Neudorfer Markt 6
– Erwin 47139 Walporzheimer- 49
– Heinrich 47139 Walporzheimer- 49
– Ingeburg 47057 Neudorfer- 129
– Irene 47226 Brucker- 25
– Klaus 47055 Alter Kalkweg 18
– Lothar 47169 Kaiser-Friedrich- 152
– Margit 47228 Steinacker 22
– Otto 47279 Tilsiter Ufer 63
– Peter 47169 Mittel- 28
Firmen, Gewerbebetriebe usw. nach Namen – siehe gelber Teil	A-DU
